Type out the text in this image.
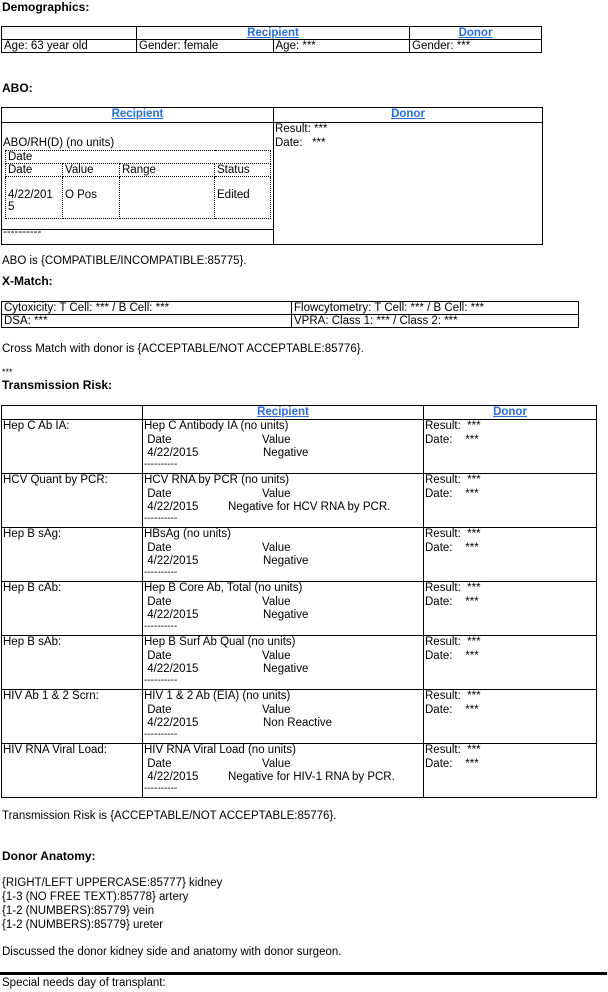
Demographics:
	Recipient		Donor
Age: 63 year old	Gender: female	Age: ***	Gender: ***
ABO:
Recipient	Donor
ABO/RH(D) (no units)
Date			
Date	Value	Range	Status

4/22/201
5	O Pos		Edited
----------
Result: ***
Date:   ***
ABO is {COMPATIBLE/INCOMPATIBLE:85775}.
X-Match:
Cytoxicity: T Cell: *** / B Cell: ***	Flowcytometry: T Cell: *** / B Cell: ***
DSA: ***	VPRA: Class 1: *** / Class 2: ***
Cross Match with donor is {ACCEPTABLE/NOT ACCEPTABLE:85776}.
***
Transmission Risk:
Recipient	Donor
Hep C Ab IA:	Hep C Antibody IA (no units)
Date	Value
4/22/2015	Negative
----------
Result:  ***
Date:    ***
HCV Quant by PCR:	HCV RNA by PCR (no units)
Date	Value
4/22/2015	Negative for HCV RNA by PCR.
----------
Result:  ***
Date:    ***
Hep B sAg:	HBsAg (no units)
Date	Value
4/22/2015	Negative
----------
Result:  ***
Date:    ***
Hep B cAb:	Hep B Core Ab, Total (no units)
Date	Value
4/22/2015	Negative
----------
Result:  ***
Date:    ***
Hep B sAb:	Hep B Surf Ab Qual (no units)
Date	Value
4/22/2015	Negative
----------
Result:  ***
Date:    ***
HIV Ab 1 & 2 Scrn:	HIV 1 & 2 Ab (EIA) (no units)
Date	Value
4/22/2015	Non Reactive
----------
Result:  ***
Date:    ***
HIV RNA Viral Load:	HIV RNA Viral Load (no units)
Date	Value
4/22/2015	Negative for HIV-1 RNA by PCR.
----------
Result:  ***
Date:    ***
Transmission Risk is {ACCEPTABLE/NOT ACCEPTABLE:85776}.
Donor Anatomy:
{RIGHT/LEFT UPPERCASE:85777} kidney
{1-3 (NO FREE TEXT):85778} artery
{1-2 (NUMBERS):85779} vein
{1-2 (NUMBERS):85779} ureter
Discussed the donor kidney side and anatomy with donor surgeon.
Special needs day of transplant:
